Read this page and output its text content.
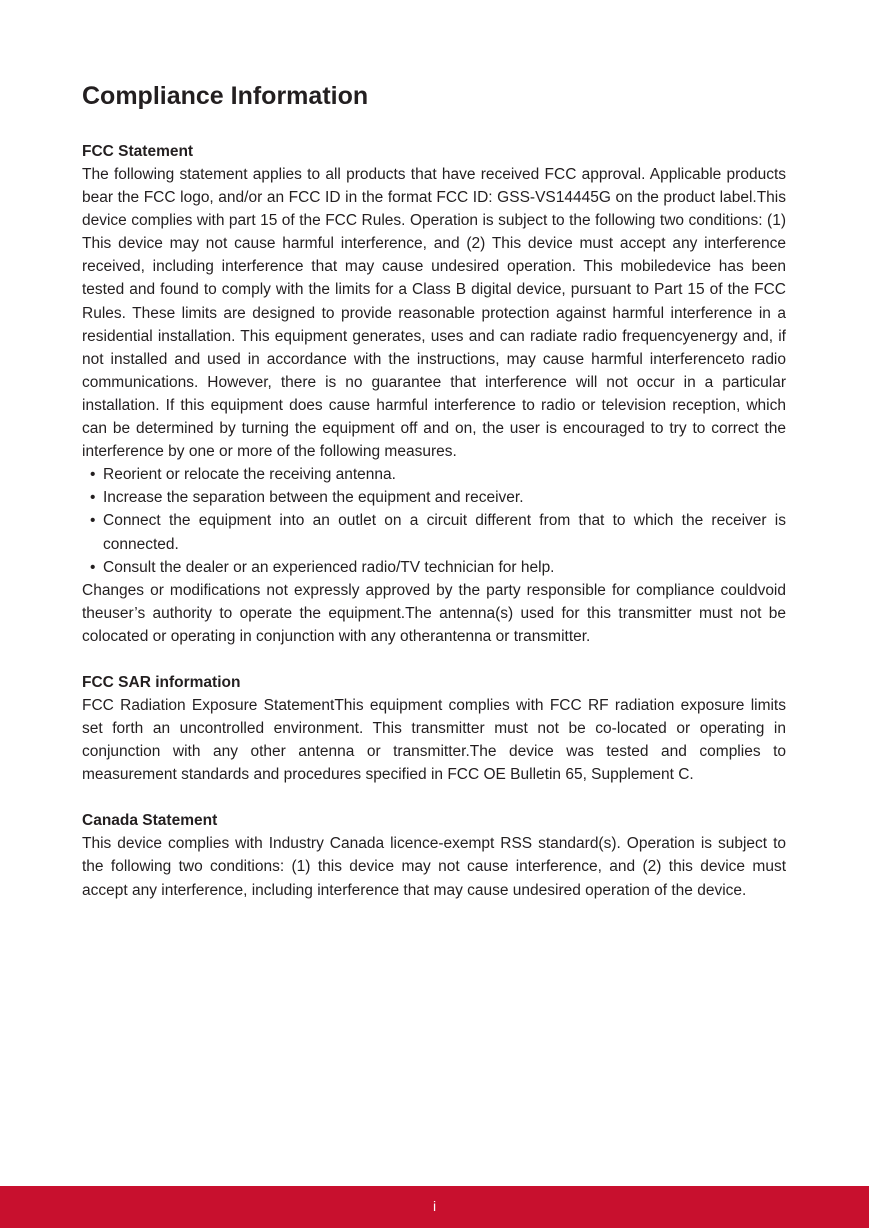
Compliance Information
FCC Statement

The following statement applies to all products that have received FCC approval. Applicable products bear the FCC logo, and/or an FCC ID in the format FCC ID: GSS-VS14445G on the product label.This device complies with part 15 of the FCC Rules. Operation is subject to the following two conditions: (1) This device may not cause harmful interference, and (2) This device must accept any interference received, including interference that may cause undesired operation. This mobiledevice has been tested and found to comply with the limits for a Class B digital device, pursuant to Part 15 of the FCC Rules. These limits are designed to provide reasonable protection against harmful interference in a residential installation. This equipment generates, uses and can radiate radio frequencyenergy and, if not installed and used in accordance with the instructions, may cause harmful interferenceto radio communications. However, there is no guarantee that interference will not occur in a particular installation. If this equipment does cause harmful interference to radio or television reception, which can be determined by turning the equipment off and on, the user is encouraged to try to correct the interference by one or more of the following measures.

• Reorient or relocate the receiving antenna.
• Increase the separation between the equipment and receiver.
• Connect the equipment into an outlet on a circuit different from that to which the receiver is connected.
• Consult the dealer or an experienced radio/TV technician for help.

Changes or modifications not expressly approved by the party responsible for compliance couldvoid theuser’s authority to operate the equipment.The antenna(s) used for this transmitter must not be colocated or operating in conjunction with any otherantenna or transmitter.

FCC SAR information

FCC Radiation Exposure StatementThis equipment complies with FCC RF radiation exposure limits set forth an uncontrolled environment. This transmitter must not be co-located or operating in conjunction with any other antenna or transmitter.The device was tested and complies to measurement standards and procedures specified in FCC OE Bulletin 65, Supplement C.

Canada Statement

This device complies with Industry Canada licence-exempt RSS standard(s). Operation is subject to the following two conditions: (1) this device may not cause interference, and (2) this device must accept any interference, including interference that may cause undesired operation of the device.

i
